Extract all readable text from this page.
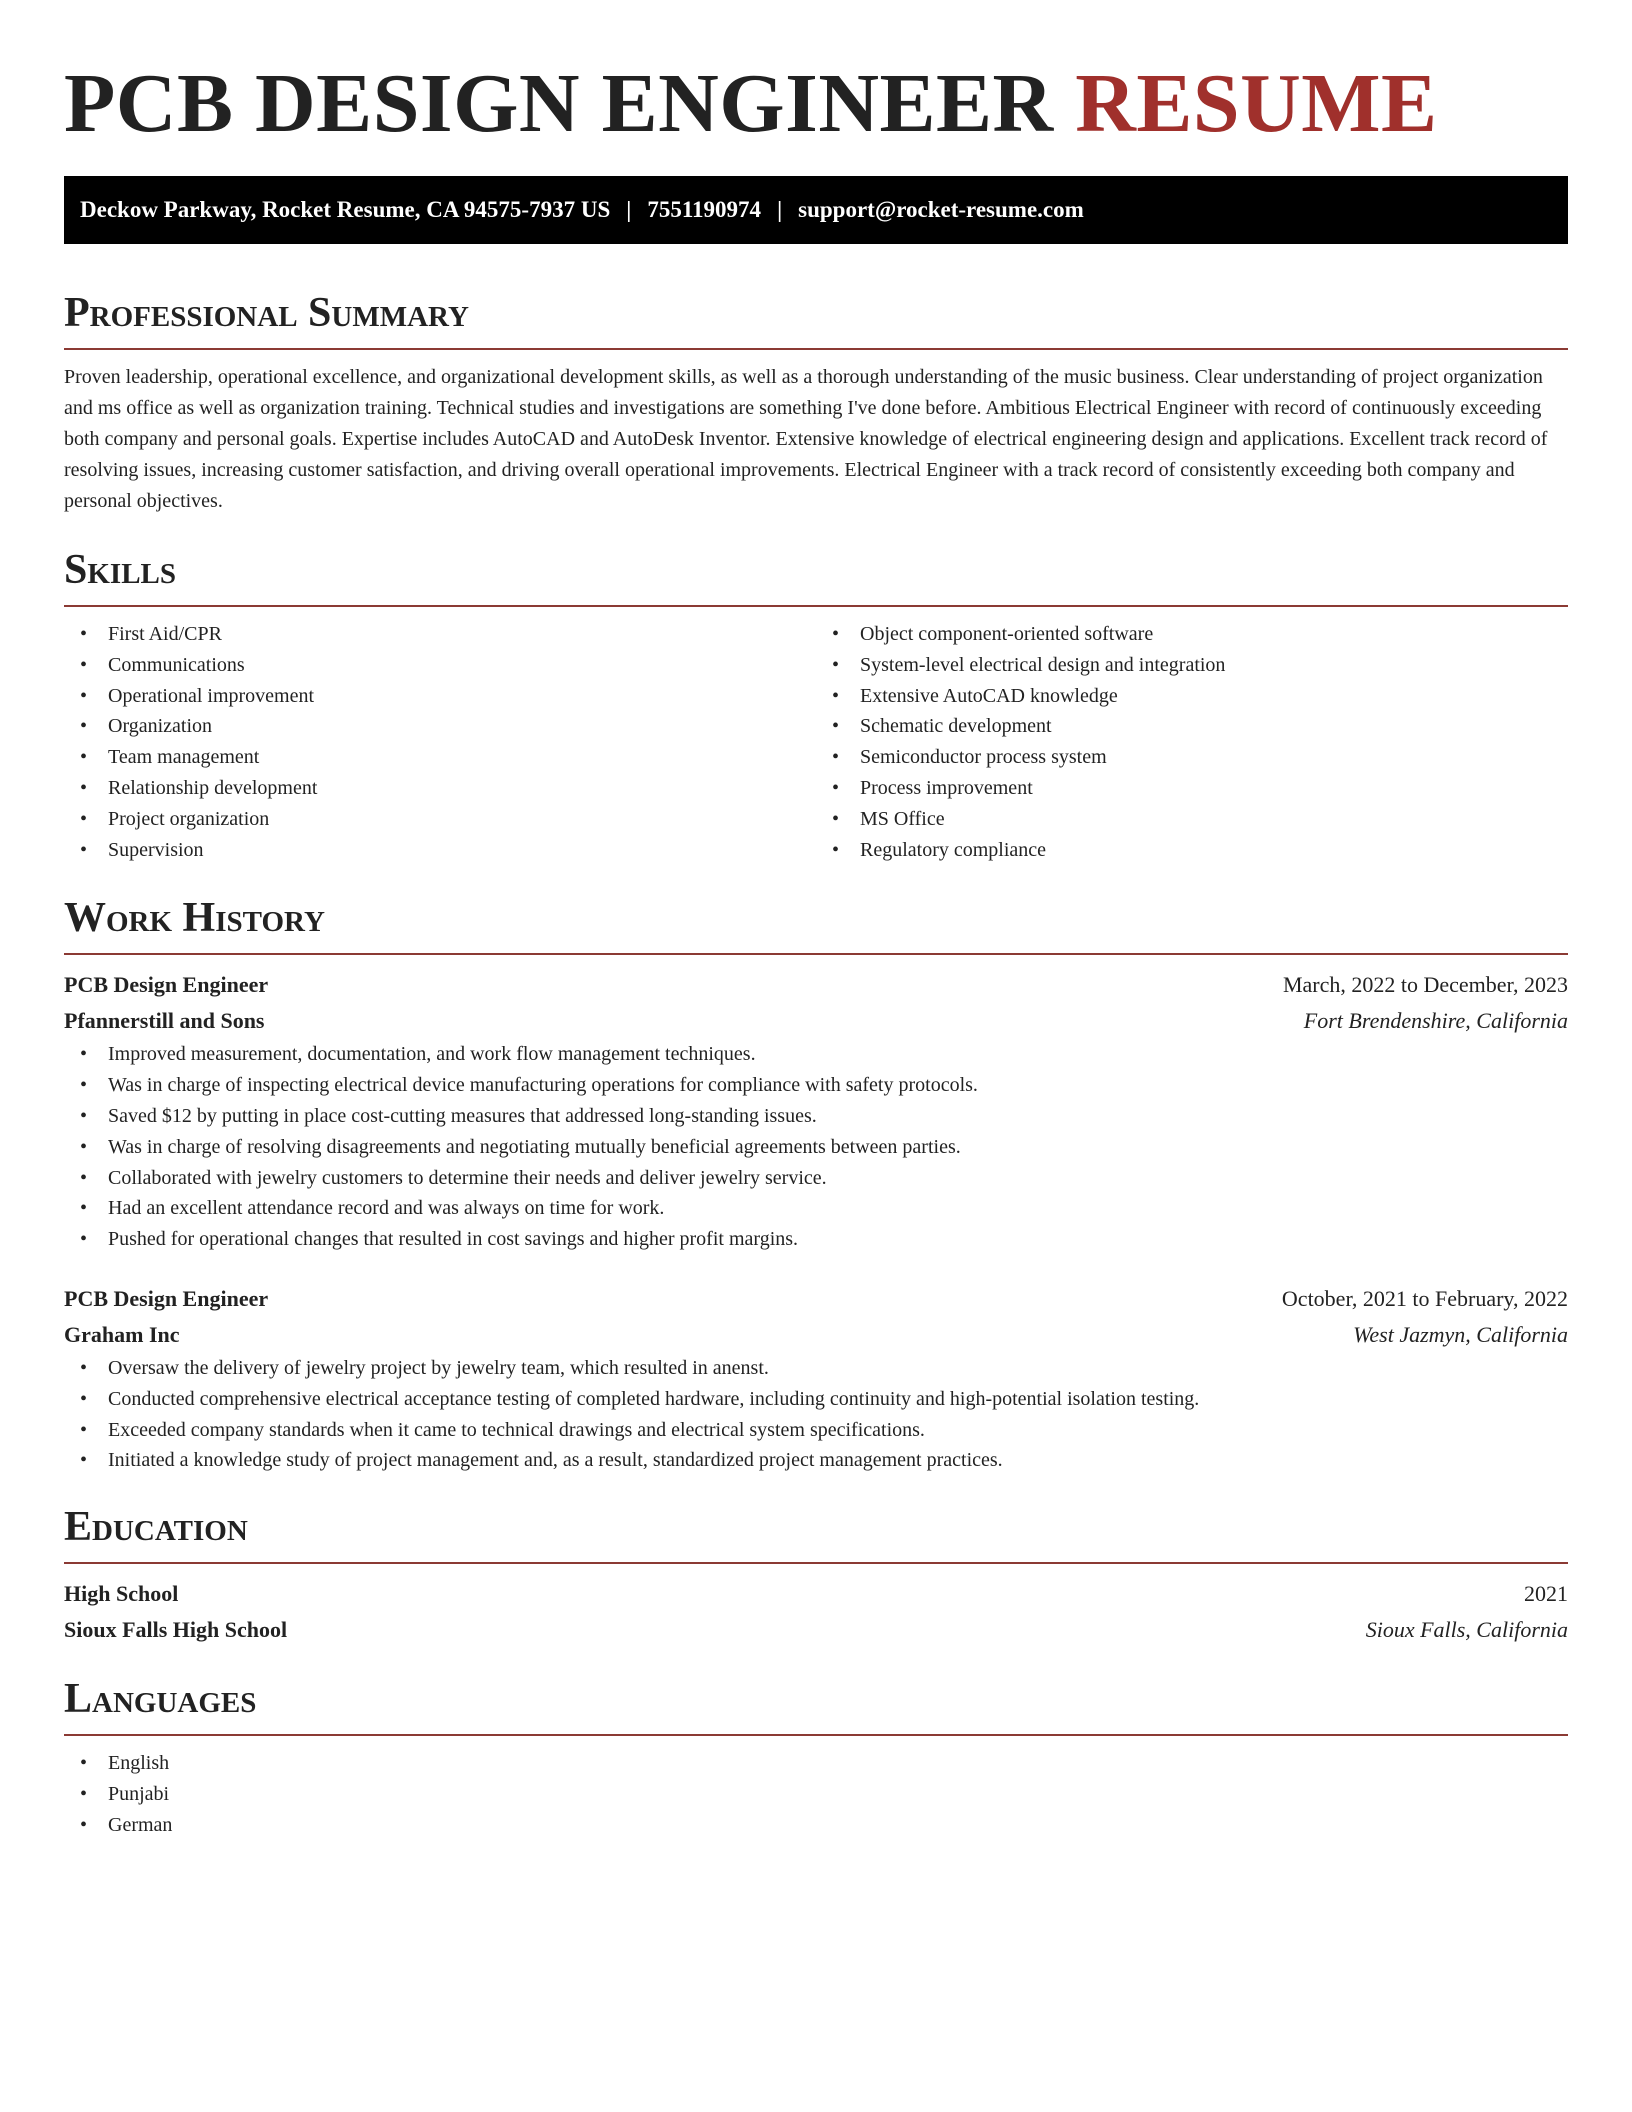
PCB DESIGN ENGINEER RESUME
Deckow Parkway, Rocket Resume, CA 94575-7937 US | 7551190974 | support@rocket-resume.com
Professional Summary

Proven leadership, operational excellence, and organizational development skills, as well as a thorough understanding of the music business. Clear understanding of project organization and ms office as well as organization training. Technical studies and investigations are something I've done before. Ambitious Electrical Engineer with record of continuously exceeding both company and personal goals. Expertise includes AutoCAD and AutoDesk Inventor. Extensive knowledge of electrical engineering design and applications. Excellent track record of resolving issues, increasing customer satisfaction, and driving overall operational improvements. Electrical Engineer with a track record of consistently exceeding both company and personal objectives.

Skills
• First Aid/CPR
• Communications
• Operational improvement
• Organization
• Team management
• Relationship development
• Project organization
• Supervision
• Object component-oriented software
• System-level electrical design and integration
• Extensive AutoCAD knowledge
• Schematic development
• Semiconductor process system
• Process improvement
• MS Office
• Regulatory compliance
Work History
PCB Design Engineer	March, 2022 to December, 2023
Pfannerstill and Sons	Fort Brendenshire, California
• Improved measurement, documentation, and work flow management techniques.
• Was in charge of inspecting electrical device manufacturing operations for compliance with safety protocols.
• Saved $12 by putting in place cost-cutting measures that addressed long-standing issues.
• Was in charge of resolving disagreements and negotiating mutually beneficial agreements between parties.
• Collaborated with jewelry customers to determine their needs and deliver jewelry service.
• Had an excellent attendance record and was always on time for work.
• Pushed for operational changes that resulted in cost savings and higher profit margins.
PCB Design Engineer	October, 2021 to February, 2022
Graham Inc	West Jazmyn, California
• Oversaw the delivery of jewelry project by jewelry team, which resulted in anenst.
• Conducted comprehensive electrical acceptance testing of completed hardware, including continuity and high-potential isolation testing.
• Exceeded company standards when it came to technical drawings and electrical system specifications.
• Initiated a knowledge study of project management and, as a result, standardized project management practices.
Education
High School	2021
Sioux Falls High School	Sioux Falls, California
Languages
• English
• Punjabi
• German
